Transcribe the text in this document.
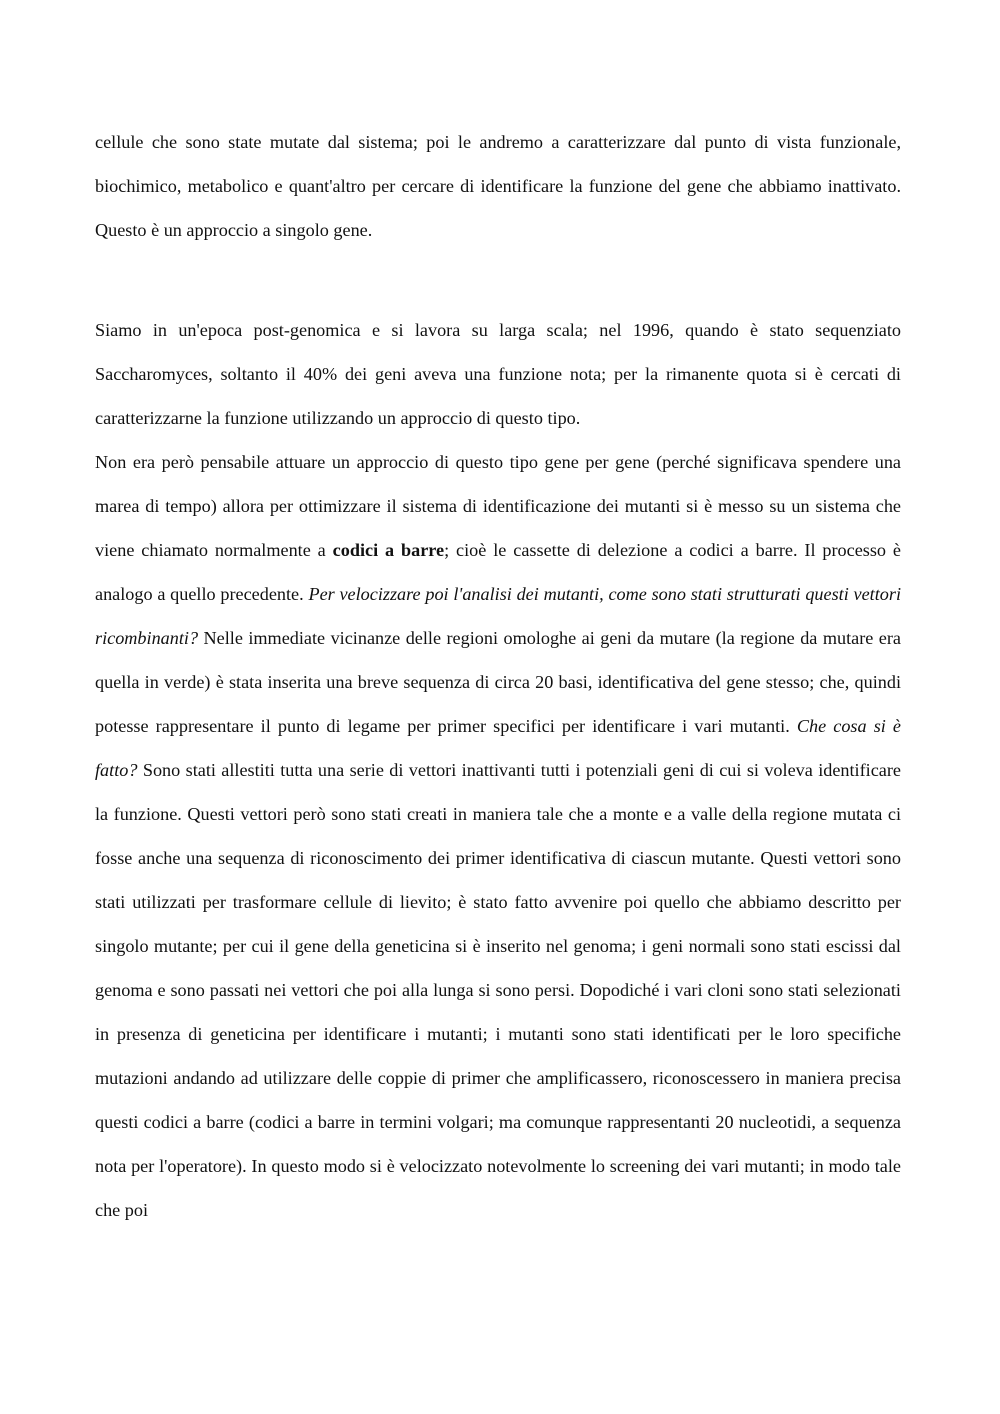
cellule che sono state mutate dal sistema; poi le andremo a caratterizzare dal punto di vista funzionale, biochimico, metabolico e quant'altro per cercare di identificare la funzione del gene che abbiamo inattivato. Questo è un approccio a singolo gene.

Siamo in un'epoca post-genomica e si lavora su larga scala; nel 1996, quando è stato sequenziato Saccharomyces, soltanto il 40% dei geni aveva una funzione nota; per la rimanente quota si è cercati di caratterizzarne la funzione utilizzando un approccio di questo tipo.

Non era però pensabile attuare un approccio di questo tipo gene per gene (perché significava spendere una marea di tempo) allora per ottimizzare il sistema di identificazione dei mutanti si è messo su un sistema che viene chiamato normalmente a codici a barre; cioè le cassette di delezione a codici a barre. Il processo è analogo a quello precedente. Per velocizzare poi l'analisi dei mutanti, come sono stati strutturati questi vettori ricombinanti? Nelle immediate vicinanze delle regioni omologhe ai geni da mutare (la regione da mutare era quella in verde) è stata inserita una breve sequenza di circa 20 basi, identificativa del gene stesso; che, quindi potesse rappresentare il punto di legame per primer specifici per identificare i vari mutanti. Che cosa si è fatto? Sono stati allestiti tutta una serie di vettori inattivanti tutti i potenziali geni di cui si voleva identificare la funzione. Questi vettori però sono stati creati in maniera tale che a monte e a valle della regione mutata ci fosse anche una sequenza di riconoscimento dei primer identificativa di ciascun mutante. Questi vettori sono stati utilizzati per trasformare cellule di lievito; è stato fatto avvenire poi quello che abbiamo descritto per singolo mutante; per cui il gene della geneticina si è inserito nel genoma; i geni normali sono stati escissi dal genoma e sono passati nei vettori che poi alla lunga si sono persi. Dopodiché i vari cloni sono stati selezionati in presenza di geneticina per identificare i mutanti; i mutanti sono stati identificati per le loro specifiche mutazioni andando ad utilizzare delle coppie di primer che amplificassero, riconoscessero in maniera precisa questi codici a barre (codici a barre in termini volgari; ma comunque rappresentanti 20 nucleotidi, a sequenza nota per l'operatore). In questo modo si è velocizzato notevolmente lo screening dei vari mutanti; in modo tale che poi
